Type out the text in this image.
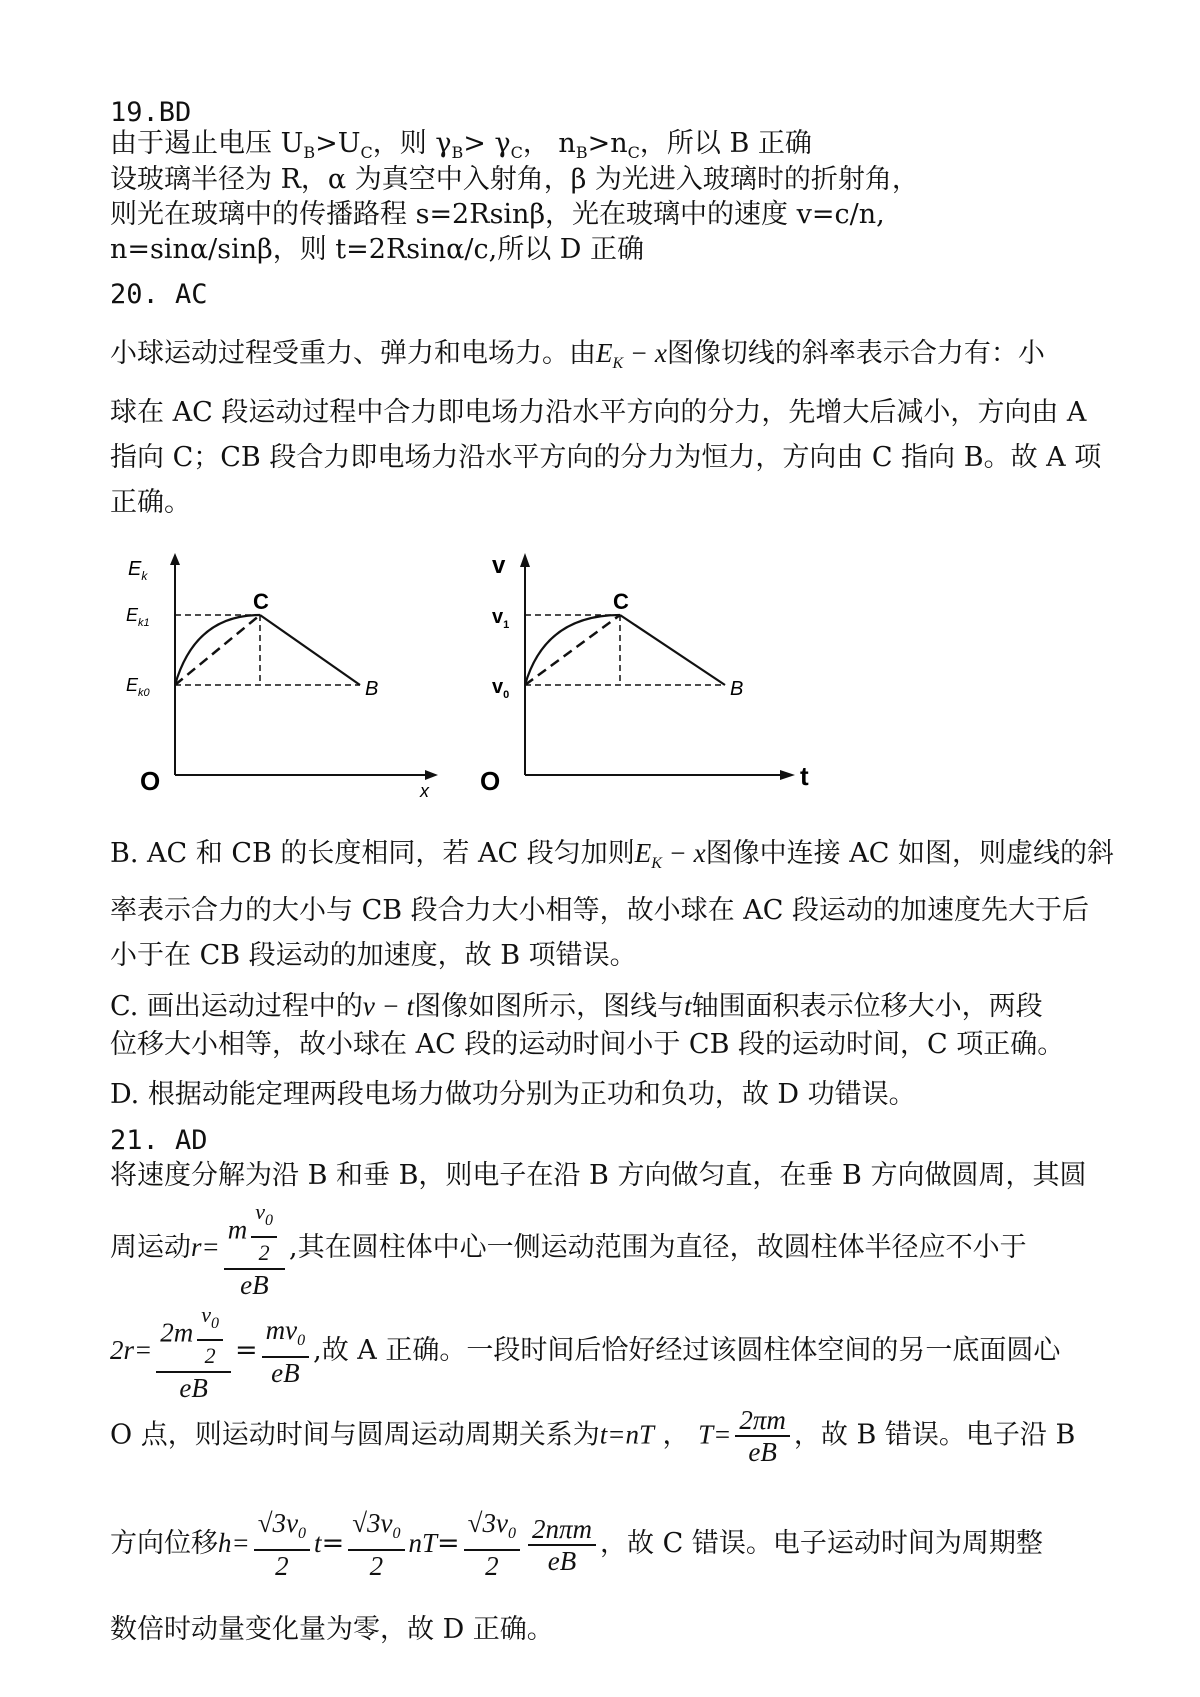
19.BD
由于遏止电压 $U_B>U_C$，则 $\gamma_B> \gamma_C$， $n_B>n_C$，所以 B 正确
设玻璃半径为 R，α 为真空中入射角，β 为光进入玻璃时的折射角，
则光在玻璃中的传播路程 s=2Rsinβ，光在玻璃中的速度 v=c/n,
n=sinα/sinβ，则 t=2Rsinα/c,所以 D 正确
20. AC
小球运动过程受重力、弹力和电场力。由$E_K - x$图像切线的斜率表示合力有：小
球在 AC 段运动过程中合力即电场力沿水平方向的分力，先增大后减小，方向由 A
指向 C；CB 段合力即电场力沿水平方向的分力为恒力，方向由 C 指向 B。故 A 项
正确。
$E_k$
$E_{k1}$
$E_{k0}$
C
B
O	x
v
$v_1$
$v_0$
C
B
O	t
B. AC 和 CB 的长度相同，若 AC 段匀加则$E_K - x$图像中连接 AC 如图，则虚线的斜
率表示合力的大小与 CB 段合力大小相等，故小球在 AC 段运动的加速度先大于后
小于在 CB 段运动的加速度，故 B 项错误。
C. 画出运动过程中的v − t图像如图所示，图线与t轴围面积表示位移大小，两段
位移大小相等，故小球在 AC 段的运动时间小于 CB 段的运动时间，C 项正确。
D. 根据动能定理两段电场力做功分别为正功和负功，故 D 功错误。
21. AD
将速度分解为沿 B 和垂 B，则电子在沿 B 方向做匀直，在垂 B 方向做圆周，其圆
周运动$r= \frac{m \frac{v_0}{2}}{eB}$ ,其在圆柱体中心一侧运动范围为直径，故圆柱体半径应不小于
$2r= \frac{2m \frac{v_0}{2}}{eB} = \frac{mv_0}{eB}$ ,故 A 正确。一段时间后恰好经过该圆柱体空间的另一底面圆心
O 点，则运动时间与圆周运动周期关系为t=nT ， $T= \frac{2\pi m}{eB}$ ，故 B 错误。电子沿 B
方向位移$h= \frac{√3v_0}{2} t= \frac{√3v_0}{2} nT= \frac{√3v_0}{2} \frac{\text{2nπm}}{eB}$ ，故 C 错误。电子运动时间为周期整
数倍时动量变化量为零，故 D 正确。
